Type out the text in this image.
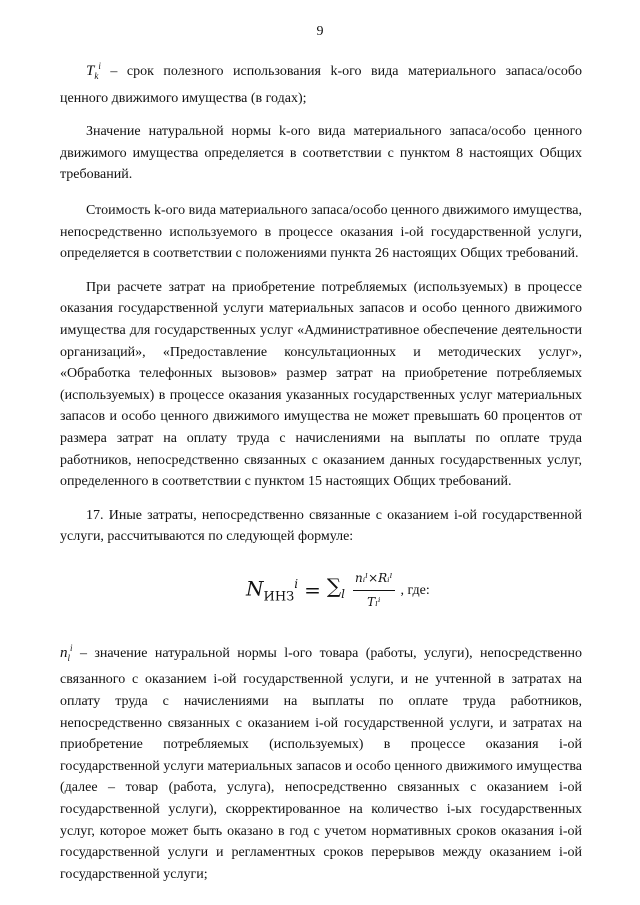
9

$T_k^i$ – срок полезного использования k-ого вида материального запаса/особо ценного движимого имущества (в годах);

Значение натуральной нормы k-ого вида материального запаса/особо ценного движимого имущества определяется в соответствии с пунктом 8 настоящих Общих требований.

Стоимость k-ого вида материального запаса/особо ценного движимого имущества, непосредственно используемого в процессе оказания i-ой государственной услуги, определяется в соответствии с положениями пункта 26 настоящих Общих требований.

При расчете затрат на приобретение потребляемых (используемых) в процессе оказания государственной услуги материальных запасов и особо ценного движимого имущества для государственных услуг «Административное обеспечение деятельности организаций», «Предоставление консультационных и методических услуг», «Обработка телефонных вызовов» размер затрат на приобретение потребляемых (используемых) в процессе оказания указанных государственных услуг материальных запасов и особо ценного движимого имущества не может превышать 60 процентов от размера затрат на оплату труда с начислениями на выплаты по оплате труда работников, непосредственно связанных с оказанием данных государственных услуг, определенного в соответствии с пунктом 15 настоящих Общих требований.

17. Иные затраты, непосредственно связанные с оказанием i-ой государственной услуги, рассчитываются по следующей формуле:

$N_{ИНЗ}^i = \sum_l \frac{\text{nᵢˡ×Rᵢˡ}}{\text{Tₗⁱ}}$ , где:

$n_l^i$ – значение натуральной нормы l-ого товара (работы, услуги), непосредственно связанного с оказанием i-ой государственной услуги, и не учтенной в затратах на оплату труда с начислениями на выплаты по оплате труда работников, непосредственно связанных с оказанием i-ой государственной услуги, и затратах на приобретение потребляемых (используемых) в процессе оказания i-ой государственной услуги материальных запасов и особо ценного движимого имущества (далее – товар (работа, услуга), непосредственно связанных с оказанием i-ой государственной услуги), скорректированное на количество i-ых государственных услуг, которое может быть оказано в год с учетом нормативных сроков оказания i-ой государственной услуги и регламентных сроков перерывов между оказанием i-ой государственной услуги;
